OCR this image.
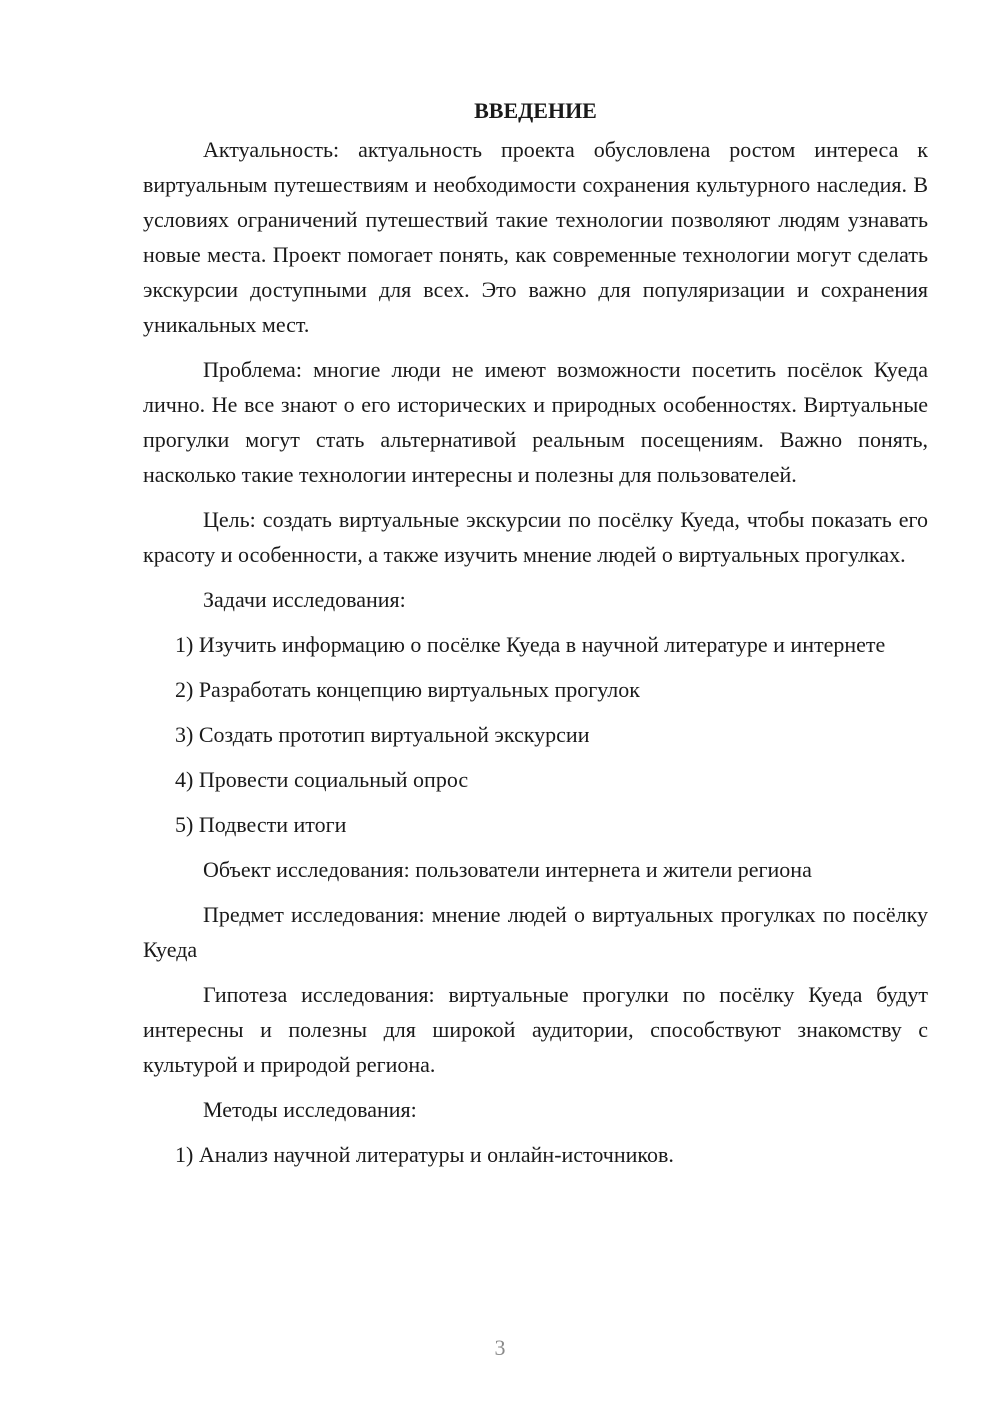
ВВЕДЕНИЕ

Актуальность: актуальность проекта обусловлена ростом интереса к виртуальным путешествиям и необходимости сохранения культурного наследия. В условиях ограничений путешествий такие технологии позволяют людям узнавать новые места. Проект помогает понять, как современные технологии могут сделать экскурсии доступными для всех. Это важно для популяризации и сохранения уникальных мест.

Проблема: многие люди не имеют возможности посетить посёлок Куеда лично. Не все знают о его исторических и природных особенностях. Виртуальные прогулки могут стать альтернативой реальным посещениям. Важно понять, насколько такие технологии интересны и полезны для пользователей.

Цель: создать виртуальные экскурсии по посёлку Куеда, чтобы показать его красоту и особенности, а также изучить мнение людей о виртуальных прогулках.

Задачи исследования:

1) Изучить информацию о посёлке Куеда в научной литературе и интернете

2) Разработать концепцию виртуальных прогулок

3) Создать прототип виртуальной экскурсии

4) Провести социальный опрос

5) Подвести итоги

Объект исследования: пользователи интернета и жители региона

Предмет исследования: мнение людей о виртуальных прогулках по посёлку Куеда

Гипотеза исследования: виртуальные прогулки по посёлку Куеда будут интересны и полезны для широкой аудитории, способствуют знакомству с культурой и природой региона.

Методы исследования:

1) Анализ научной литературы и онлайн-источников.

3
